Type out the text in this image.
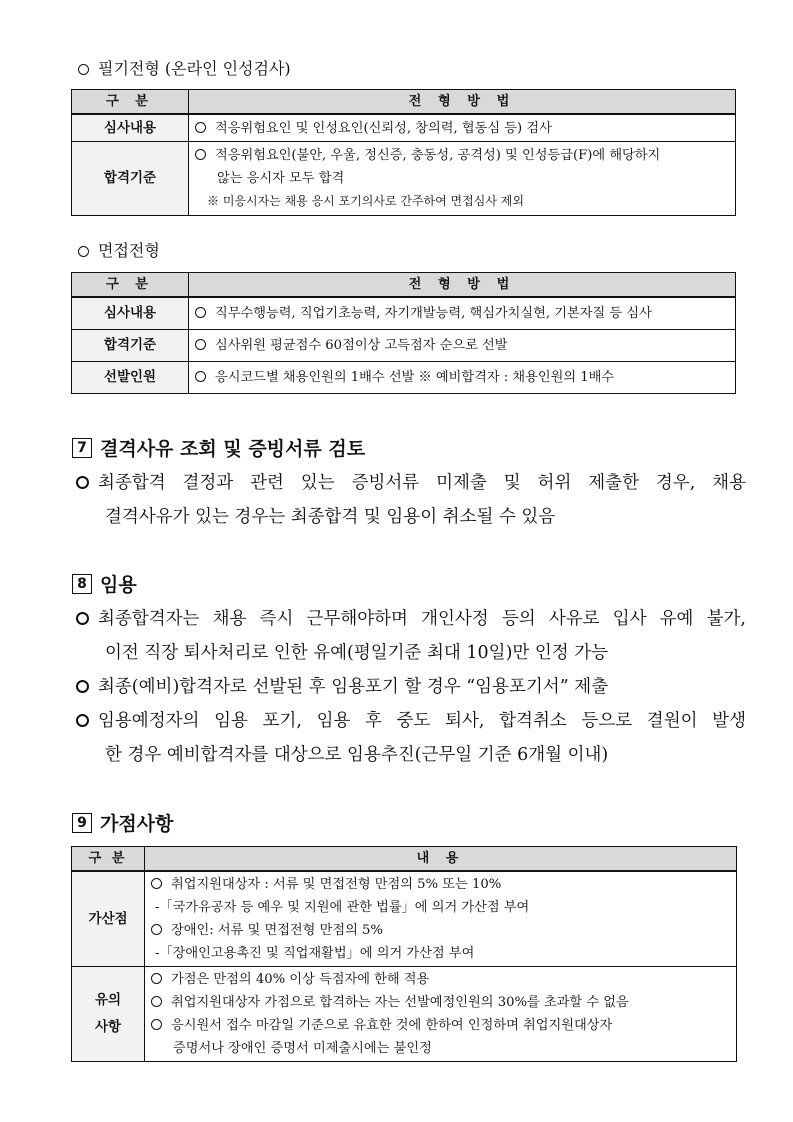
필기전형 (온라인 인성검사)
구 분	전 형 방 법
심사내용	적응위험요인 및 인성요인(신뢰성, 창의력, 협동심 등) 검사
합격기준	적응위험요인(불안, 우울, 정신증, 충동성, 공격성) 및 인성등급(F)에 해당하지
않는 응시자 모두 합격
※ 미응시자는 채용 응시 포기의사로 간주하여 면접심사 제외
면접전형
구 분	전 형 방 법
심사내용	직무수행능력, 직업기초능력, 자기개발능력, 핵심가치실현, 기본자질 등 심사
합격기준	심사위원 평균점수 60점이상 고득점자 순으로 선발
선발인원	응시코드별 채용인원의 1배수 선발 ※ 예비합격자 : 채용인원의 1배수
7 결격사유 조회 및 증빙서류 검토
최종합격 결정과 관련 있는 증빙서류 미제출 및 허위 제출한 경우, 채용
결격사유가 있는 경우는 최종합격 및 임용이 취소될 수 있음
8 임용
최종합격자는 채용 즉시 근무해야하며 개인사정 등의 사유로 입사 유예 불가,
이전 직장 퇴사처리로 인한 유예(평일기준 최대 10일)만 인정 가능
최종(예비)합격자로 선발된 후 임용포기 할 경우 “임용포기서” 제출
임용예정자의 임용 포기, 임용 후 중도 퇴사, 합격취소 등으로 결원이 발생
한 경우 예비합격자를 대상으로 임용추진(근무일 기준 6개월 이내)
9 가점사항
구 분	내 용
가산점	취업지원대상자 : 서류 및 면접전형 만점의 5% 또는 10%
-「국가유공자 등 예우 및 지원에 관한 법률」에 의거 가산점 부여
장애인: 서류 및 면접전형 만점의 5%
-「장애인고용촉진 및 직업재활법」에 의거 가산점 부여

유의
사항	가점은 만점의 40% 이상 득점자에 한해 적용
취업지원대상자 가점으로 합격하는 자는 선발예정인원의 30%를 초과할 수 없음
응시원서 접수 마감일 기준으로 유효한 것에 한하여 인정하며 취업지원대상자
증명서나 장애인 증명서 미제출시에는 불인정
